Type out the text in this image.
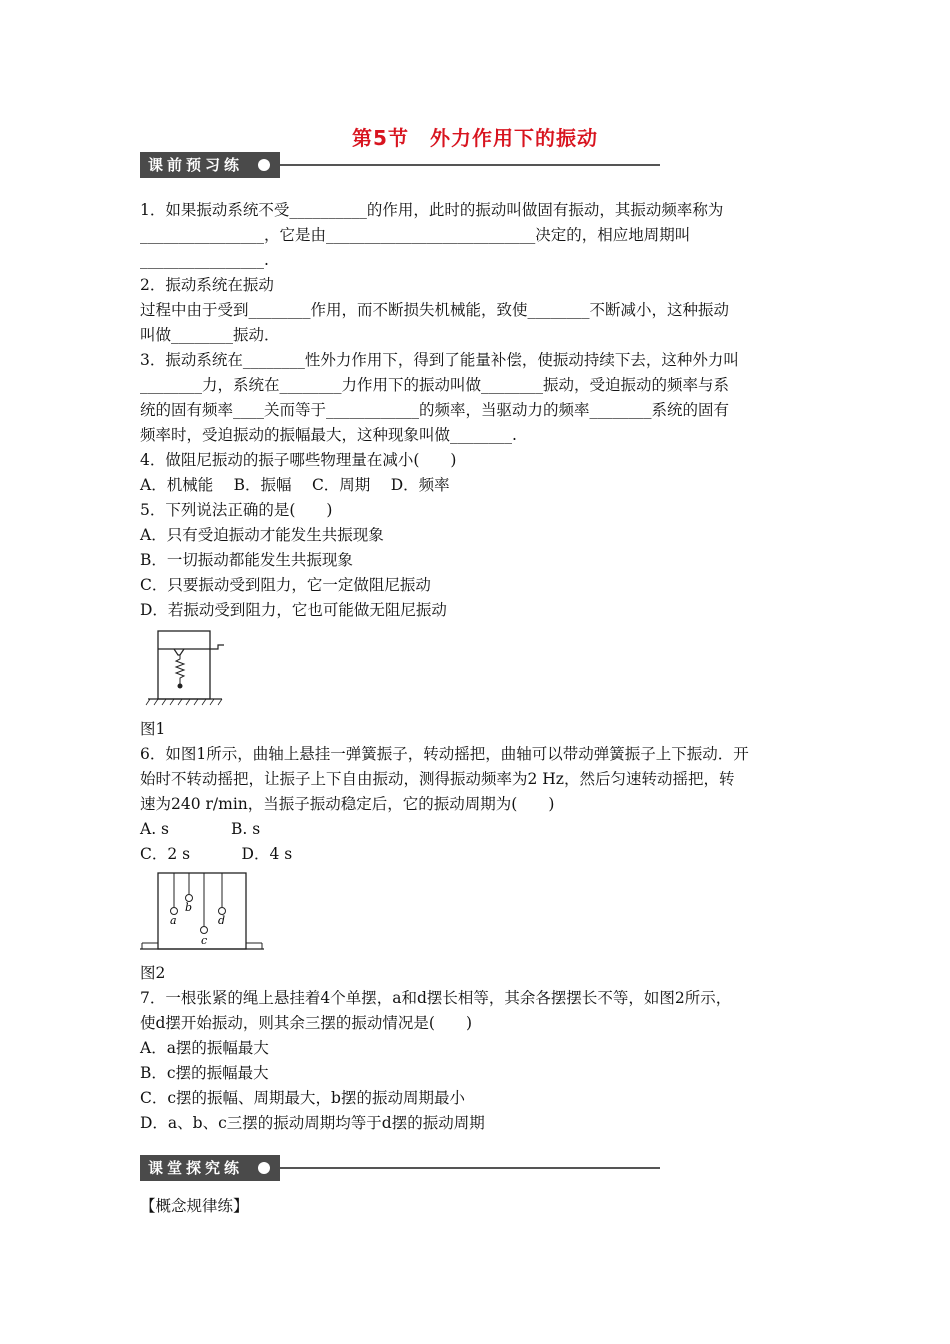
第5节　外力作用下的振动
课前预习练

1．如果振动系统不受__________的作用，此时的振动叫做固有振动，其振动频率称为

________________，它是由___________________________决定的，相应地周期叫

________________.

2．振动系统在振动

过程中由于受到________作用，而不断损失机械能，致使________不断减小，这种振动

叫做________振动．

3．振动系统在________性外力作用下，得到了能量补偿，使振动持续下去，这种外力叫

________力，系统在________力作用下的振动叫做________振动，受迫振动的频率与系

统的固有频率____关而等于____________的频率，当驱动力的频率________系统的固有

频率时，受迫振动的振幅最大，这种现象叫做________.

4．做阻尼振动的振子哪些物理量在减小(　　)

A．机械能　 B．振幅　 C．周期　 D．频率

5．下列说法正确的是(　　)

A．只有受迫振动才能发生共振现象

B．一切振动都能发生共振现象

C．只要振动受到阻力，它一定做阻尼振动

D．若振动受到阻力，它也可能做无阻尼振动

图1

6．如图1所示，曲轴上悬挂一弹簧振子，转动摇把，曲轴可以带动弹簧振子上下振动．开

始时不转动摇把，让振子上下自由振动，测得振动频率为2 Hz，然后匀速转动摇把，转

速为240 r/min，当振子振动稳定后，它的振动周期为(　　)

A. s　　　　B. s

C．2 s　　　 D．4 s

a
b
c
d

图2

7．一根张紧的绳上悬挂着4个单摆，a和d摆长相等，其余各摆摆长不等，如图2所示，

使d摆开始振动，则其余三摆的振动情况是(　　)

A．a摆的振幅最大

B．c摆的振幅最大

C．c摆的振幅、周期最大，b摆的振动周期最小

D．a、b、c三摆的振动周期均等于d摆的振动周期

课堂探究练
【概念规律练】
